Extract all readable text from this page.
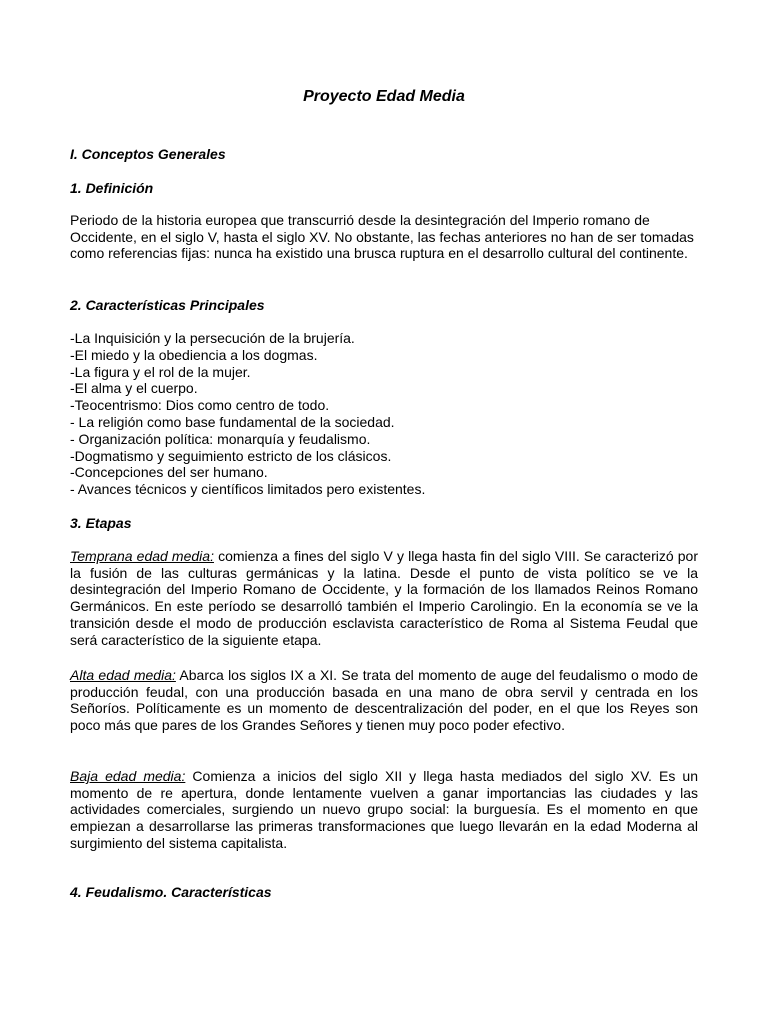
Proyecto Edad Media
I. Conceptos Generales
1. Definición
Periodo de la historia europea que transcurrió desde la desintegración del Imperio romano de Occidente, en el siglo V, hasta el siglo XV. No obstante, las fechas anteriores no han de ser tomadas como referencias fijas: nunca ha existido una brusca ruptura en el desarrollo cultural del continente.
2. Características Principales
-La Inquisición y la persecución de la brujería.
-El miedo y la obediencia a los dogmas.
-La figura y el rol de la mujer.
-El alma y el cuerpo.
-Teocentrismo: Dios como centro de todo.
- La religión como base fundamental de la sociedad.
- Organización política: monarquía y feudalismo.
-Dogmatismo y seguimiento estricto de los clásicos.
-Concepciones del ser humano.
- Avances técnicos y científicos limitados pero existentes.
3. Etapas
Temprana edad media: comienza a fines del siglo V y llega hasta fin del siglo VIII. Se caracterizó por la fusión de las culturas germánicas y la latina. Desde el punto de vista político se ve la desintegración del Imperio Romano de Occidente, y la formación de los llamados Reinos Romano Germánicos. En este período se desarrolló también el Imperio Carolingio. En la economía se ve la transición desde el modo de producción esclavista característico de Roma al Sistema Feudal que será característico de la siguiente etapa.
Alta edad media: Abarca los siglos IX a XI. Se trata del momento de auge del feudalismo o modo de producción feudal, con una producción basada en una mano de obra servil y centrada en los Señoríos. Políticamente es un momento de descentralización del poder, en el que los Reyes son poco más que pares de los Grandes Señores y tienen muy poco poder efectivo.
Baja edad media: Comienza a inicios del siglo XII y llega hasta mediados del siglo XV. Es un momento de re apertura, donde lentamente vuelven a ganar importancias las ciudades y las actividades comerciales, surgiendo un nuevo grupo social: la burguesía. Es el momento en que empiezan a desarrollarse las primeras transformaciones que luego llevarán en la edad Moderna al surgimiento del sistema capitalista.
4. Feudalismo. Características
